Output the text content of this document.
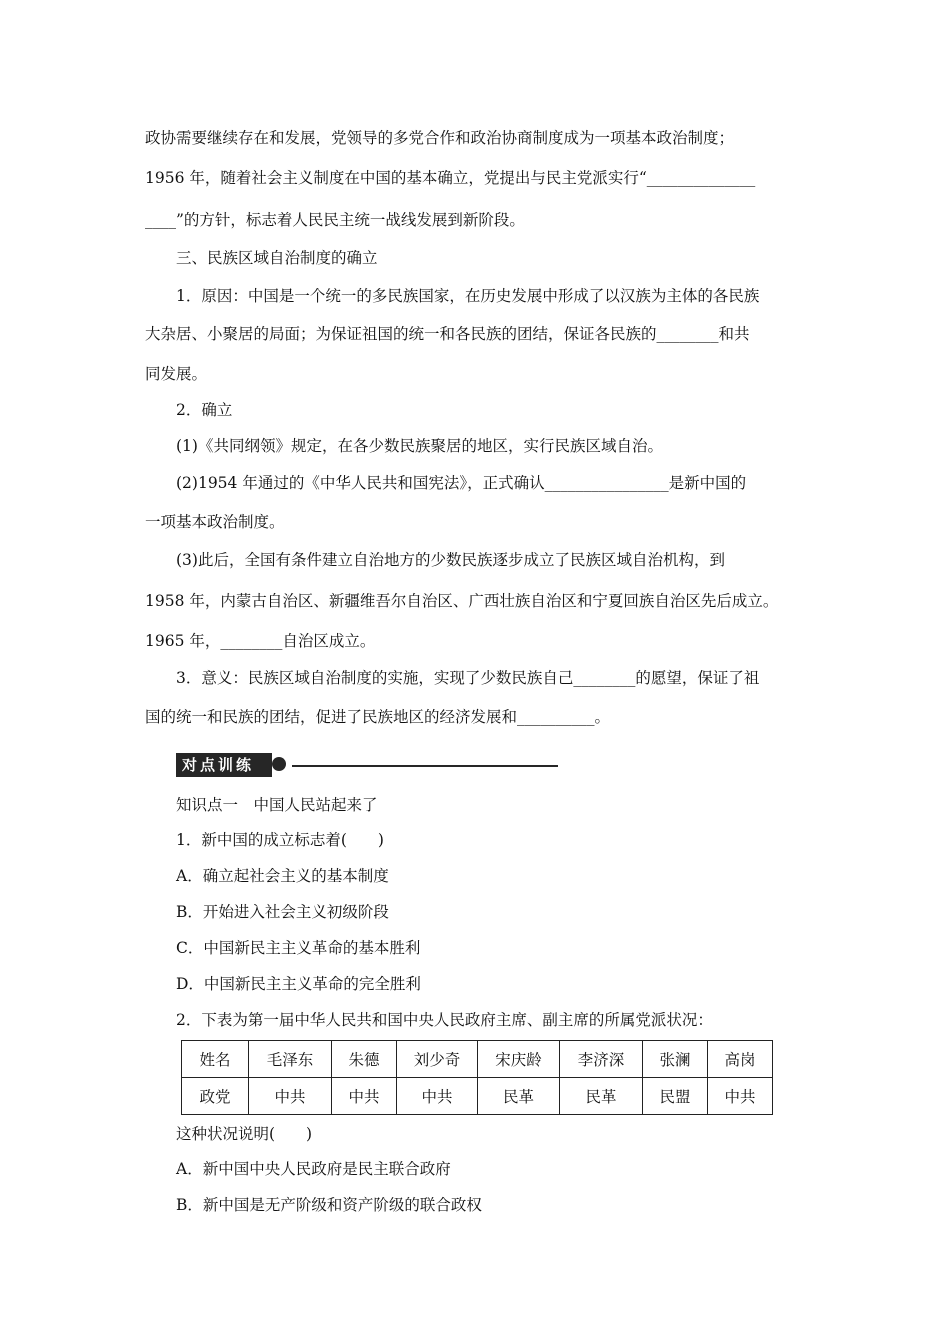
政协需要继续存在和发展，党领导的多党合作和政治协商制度成为一项基本政治制度；
1956 年，随着社会主义制度在中国的基本确立，党提出与民主党派实行“______________
____”的方针，标志着人民民主统一战线发展到新阶段。
三、民族区域自治制度的确立
1．原因：中国是一个统一的多民族国家，在历史发展中形成了以汉族为主体的各民族
大杂居、小聚居的局面；为保证祖国的统一和各民族的团结，保证各民族的________和共
同发展。
2．确立
(1)《共同纲领》规定，在各少数民族聚居的地区，实行民族区域自治。
(2)1954 年通过的《中华人民共和国宪法》，正式确认________________是新中国的
一项基本政治制度。
(3)此后，全国有条件建立自治地方的少数民族逐步成立了民族区域自治机构，到
1958 年，内蒙古自治区、新疆维吾尔自治区、广西壮族自治区和宁夏回族自治区先后成立。
1965 年，________自治区成立。
3．意义：民族区域自治制度的实施，实现了少数民族自己________的愿望，保证了祖
国的统一和民族的团结，促进了民族地区的经济发展和__________。
对点训练
知识点一　中国人民站起来了
1．新中国的成立标志着(　　)
A．确立起社会主义的基本制度
B．开始进入社会主义初级阶段
C．中国新民主主义革命的基本胜利
D．中国新民主主义革命的完全胜利
2．下表为第一届中华人民共和国中央人民政府主席、副主席的所属党派状况：
姓名	毛泽东	朱德	刘少奇	宋庆龄	李济深	张澜	高岗
政党	中共	中共	中共	民革	民革	民盟	中共
这种状况说明(　　)
A．新中国中央人民政府是民主联合政府
B．新中国是无产阶级和资产阶级的联合政权
